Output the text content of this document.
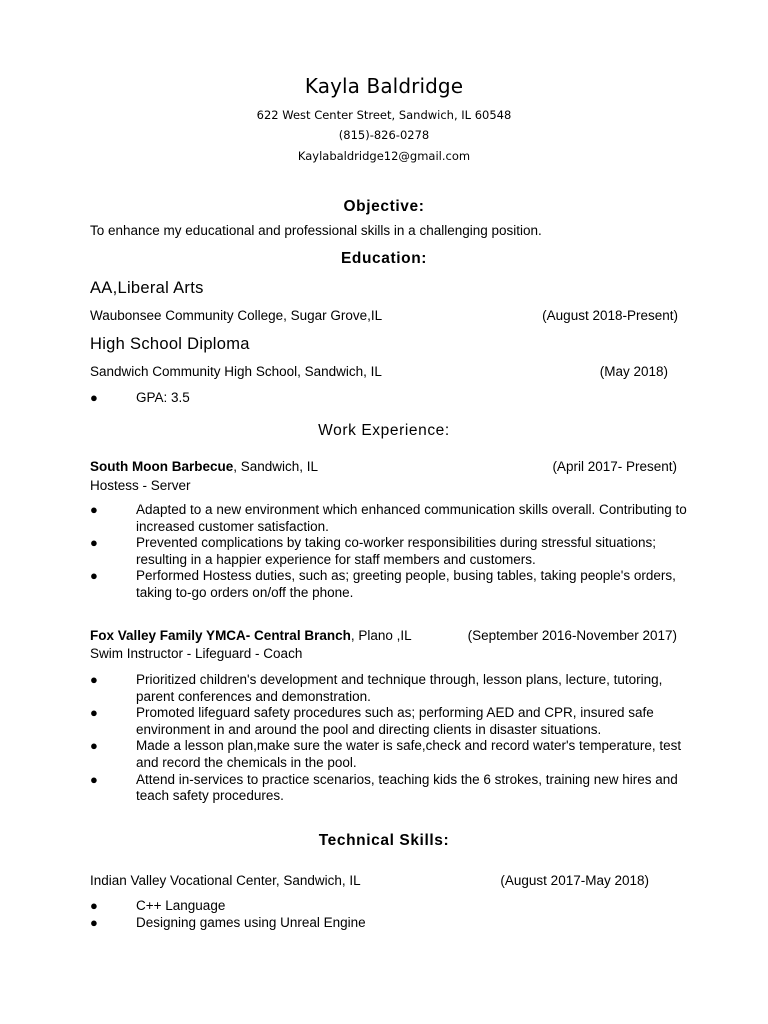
Kayla Baldridge
622 West Center Street, Sandwich, IL 60548
(815)-826-0278
Kaylabaldridge12@gmail.com
Objective:
To enhance my educational and professional skills in a challenging position.
Education:
AA,Liberal Arts
Waubonsee Community College, Sugar Grove,IL	(August 2018-Present)
High School Diploma
Sandwich Community High School, Sandwich, IL	(May 2018)
●	GPA: 3.5
Work Experience:
South Moon Barbecue, Sandwich, IL	(April 2017- Present)
Hostess - Server
●	Adapted to a new environment which enhanced communication skills overall. Contributing to increased customer satisfaction.
●	Prevented complications by taking co-worker responsibilities during stressful situations; resulting in a happier experience for staff members and customers.
●	Performed Hostess duties, such as; greeting people, busing tables, taking people's orders, taking to-go orders on/off the phone.
Fox Valley Family YMCA- Central Branch, Plano ,IL	(September 2016-November 2017)
Swim Instructor - Lifeguard - Coach
●	Prioritized children's development and technique through, lesson plans, lecture, tutoring, parent conferences and demonstration.
●	Promoted lifeguard safety procedures such as; performing AED and CPR, insured safe environment in and around the pool and directing clients in disaster situations.
●	Made a lesson plan,make sure the water is safe,check and record water's temperature, test and record the chemicals in the pool.
●	Attend in-services to practice scenarios, teaching kids the 6 strokes, training new hires and teach safety procedures.
Technical Skills:
Indian Valley Vocational Center, Sandwich, IL	(August 2017-May 2018)
●	C++ Language
●	Designing games using Unreal Engine
